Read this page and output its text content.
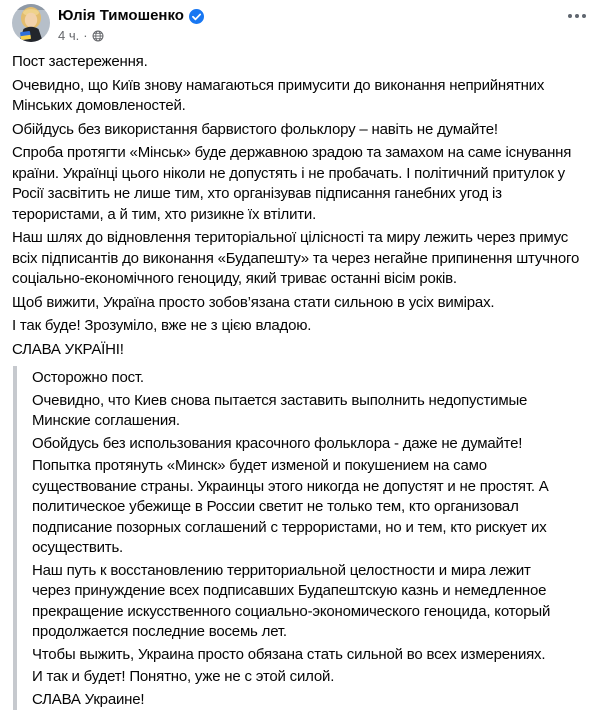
Юлія Тимошенко
4 ч. ·
Пост застереження.
Очевидно, що Київ знову намагаються примусити до виконання неприйнятних Мінських домовленостей.
Обійдусь без використання барвистого фольклору – навіть не думайте!
Спроба протягти «Мінськ» буде державною зрадою та замахом на саме існування країни. Українці цього ніколи не допустять і не пробачать. І політичний притулок у Росії засвітить не лише тим, хто організував підписання ганебних угод із терористами, а й тим, хто ризикне їх втілити.
Наш шлях до відновлення територіальної цілісності та миру лежить через примус всіх підписантів до виконання «Будапешту» та через негайне припинення штучного соціально-економічного геноциду, який триває останні вісім років.
Щоб вижити, Україна просто зобов’язана стати сильною в усіх вимірах.
І так буде! Зрозуміло, вже не з цією владою.
СЛАВА УКРАЇНІ!
Осторожно пост.
Очевидно, что Киев снова пытается заставить выполнить недопустимые Минские соглашения.
Обойдусь без использования красочного фольклора - даже не думайте!
Попытка протянуть «Минск» будет изменой и покушением на само существование страны. Украинцы этого никогда не допустят и не простят. А политическое убежище в России светит не только тем, кто организовал подписание позорных соглашений с террористами, но и тем, кто рискует их осуществить.
Наш путь к восстановлению территориальной целостности и мира лежит через принуждение всех подписавших Будапештскую казнь и немедленное прекращение искусственного социально-экономического геноцида, который продолжается последние восемь лет.
Чтобы выжить, Украина просто обязана стать сильной во всех измерениях.
И так и будет! Понятно, уже не с этой силой.
СЛАВА Украине!
